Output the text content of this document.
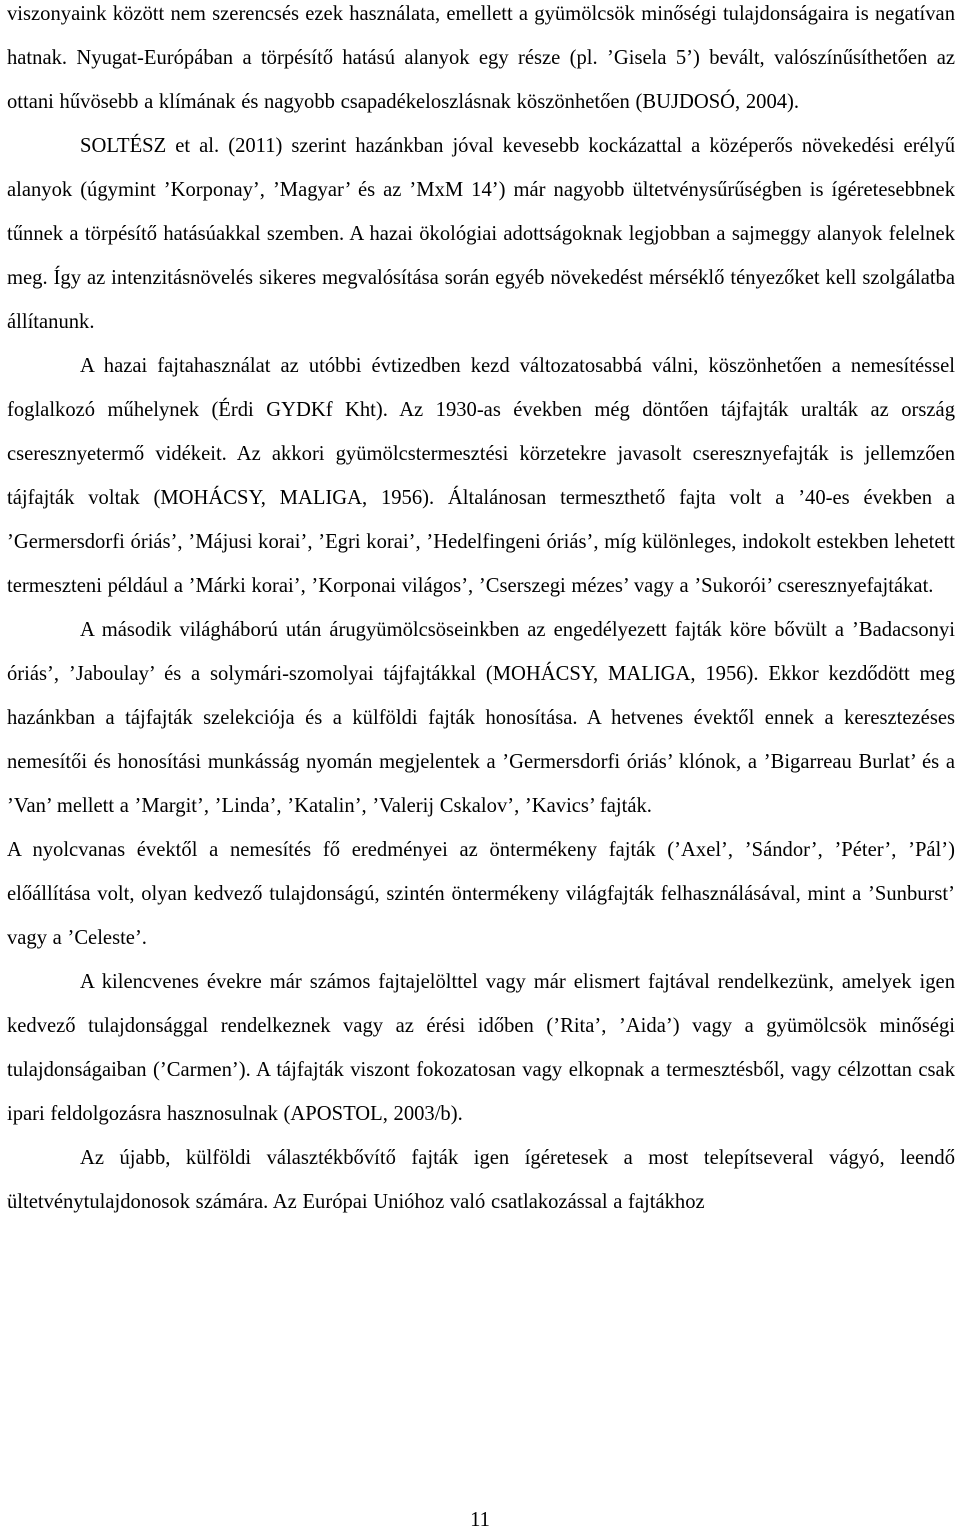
viszonyaink között nem szerencsés ezek használata, emellett a gyümölcsök minőségi tulajdonságaira is negatívan hatnak. Nyugat-Európában a törpésítő hatású alanyok egy része (pl. ’Gisela 5’) bevált, valószínűsíthetően az ottani hűvösebb a klímának és nagyobb csapadékeloszlásnak köszönhetően (BUJDOSÓ, 2004).

SOLTÉSZ et al. (2011) szerint hazánkban jóval kevesebb kockázattal a középerős növekedési erélyű alanyok (úgymint ’Korponay’, ’Magyar’ és az ’MxM 14’) már nagyobb ültetvénysűrűségben is ígéretesebbnek tűnnek a törpésítő hatásúakkal szemben. A hazai ökológiai adottságoknak legjobban a sajmeggy alanyok felelnek meg. Így az intenzitásnövelés sikeres megvalósítása során egyéb növekedést mérséklő tényezőket kell szolgálatba állítanunk.

A hazai fajtahasználat az utóbbi évtizedben kezd változatosabbá válni, köszönhetően a nemesítéssel foglalkozó műhelynek (Érdi GYDKf Kht). Az 1930-as években még döntően tájfajták uralták az ország cseresznyetermő vidékeit. Az akkori gyümölcstermesztési körzetekre javasolt cseresznyefajták is jellemzően tájfajták voltak (MOHÁCSY, MALIGA, 1956). Általánosan termeszthető fajta volt a ’40-es években a ’Germersdorfi óriás’, ’Májusi korai’, ’Egri korai’, ’Hedelfingeni óriás’, míg különleges, indokolt estekben lehetett termeszteni például a ’Márki korai’, ’Korponai világos’, ’Cserszegi mézes’ vagy a ’Sukorói’ cseresznyefajtákat.

A második világháború után árugyümölcsöseinkben az engedélyezett fajták köre bővült a ’Badacsonyi óriás’, ’Jaboulay’ és a solymári-szomolyai tájfajtákkal (MOHÁCSY, MALIGA, 1956). Ekkor kezdődött meg hazánkban a tájfajták szelekciója és a külföldi fajták honosítása. A hetvenes évektől ennek a keresztezéses nemesítői és honosítási munkásság nyomán megjelentek a ’Germersdorfi óriás’ klónok, a ’Bigarreau Burlat’ és a ’Van’ mellett a ’Margit’, ’Linda’, ’Katalin’, ’Valerij Cskalov’, ’Kavics’ fajták.

A nyolcvanas évektől a nemesítés fő eredményei az öntermékeny fajták (’Axel’, ’Sándor’, ’Péter’, ’Pál’) előállítása volt, olyan kedvező tulajdonságú, szintén öntermékeny világfajták felhasználásával, mint a ’Sunburst’ vagy a ’Celeste’.

A kilencvenes évekre már számos fajtajelölttel vagy már elismert fajtával rendelkezünk, amelyek igen kedvező tulajdonsággal rendelkeznek vagy az érési időben (’Rita’, ’Aida’) vagy a gyümölcsök minőségi tulajdonságaiban (’Carmen’). A tájfajták viszont fokozatosan vagy elkopnak a termesztésből, vagy célzottan csak ipari feldolgozásra hasznosulnak (APOSTOL, 2003/b).

Az újabb, külföldi választékbővítő fajták igen ígéretesek a most telepítseveral vágyó, leendő ültetvénytulajdonosok számára. Az Európai Unióhoz való csatlakozással a fajtákhoz

11
